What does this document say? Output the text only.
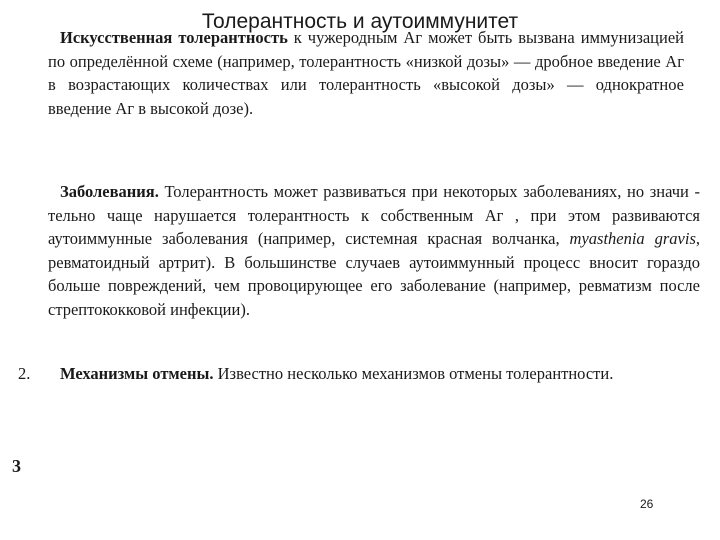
Толерантность и аутоиммунитет
Искусственная толерантность к чужеродным Аг может быть вызвана иммунизацией по определённой схеме (например, толерантность «низкой дозы» — дробное введение Аг в возрастающих количествах или толерантность «высокой дозы» — однократное введение Аг в высокой дозе).
Заболевания. Толерантность может развиваться при некоторых заболеваниях, но значи - тельно чаще нарушается толерантность к собственным Аг , при этом развиваются аутоиммунные заболевания (например, системная красная волчанка, myasthenia gravis, ревматоидный артрит). В большинстве случаев аутоиммунный процесс вносит гораздо больше повреждений, чем провоцирующее его заболевание (например, ревматизм после стрептококковой инфекции).
2.	Механизмы отмены. Известно несколько механизмов отмены толерантности.
3
26
